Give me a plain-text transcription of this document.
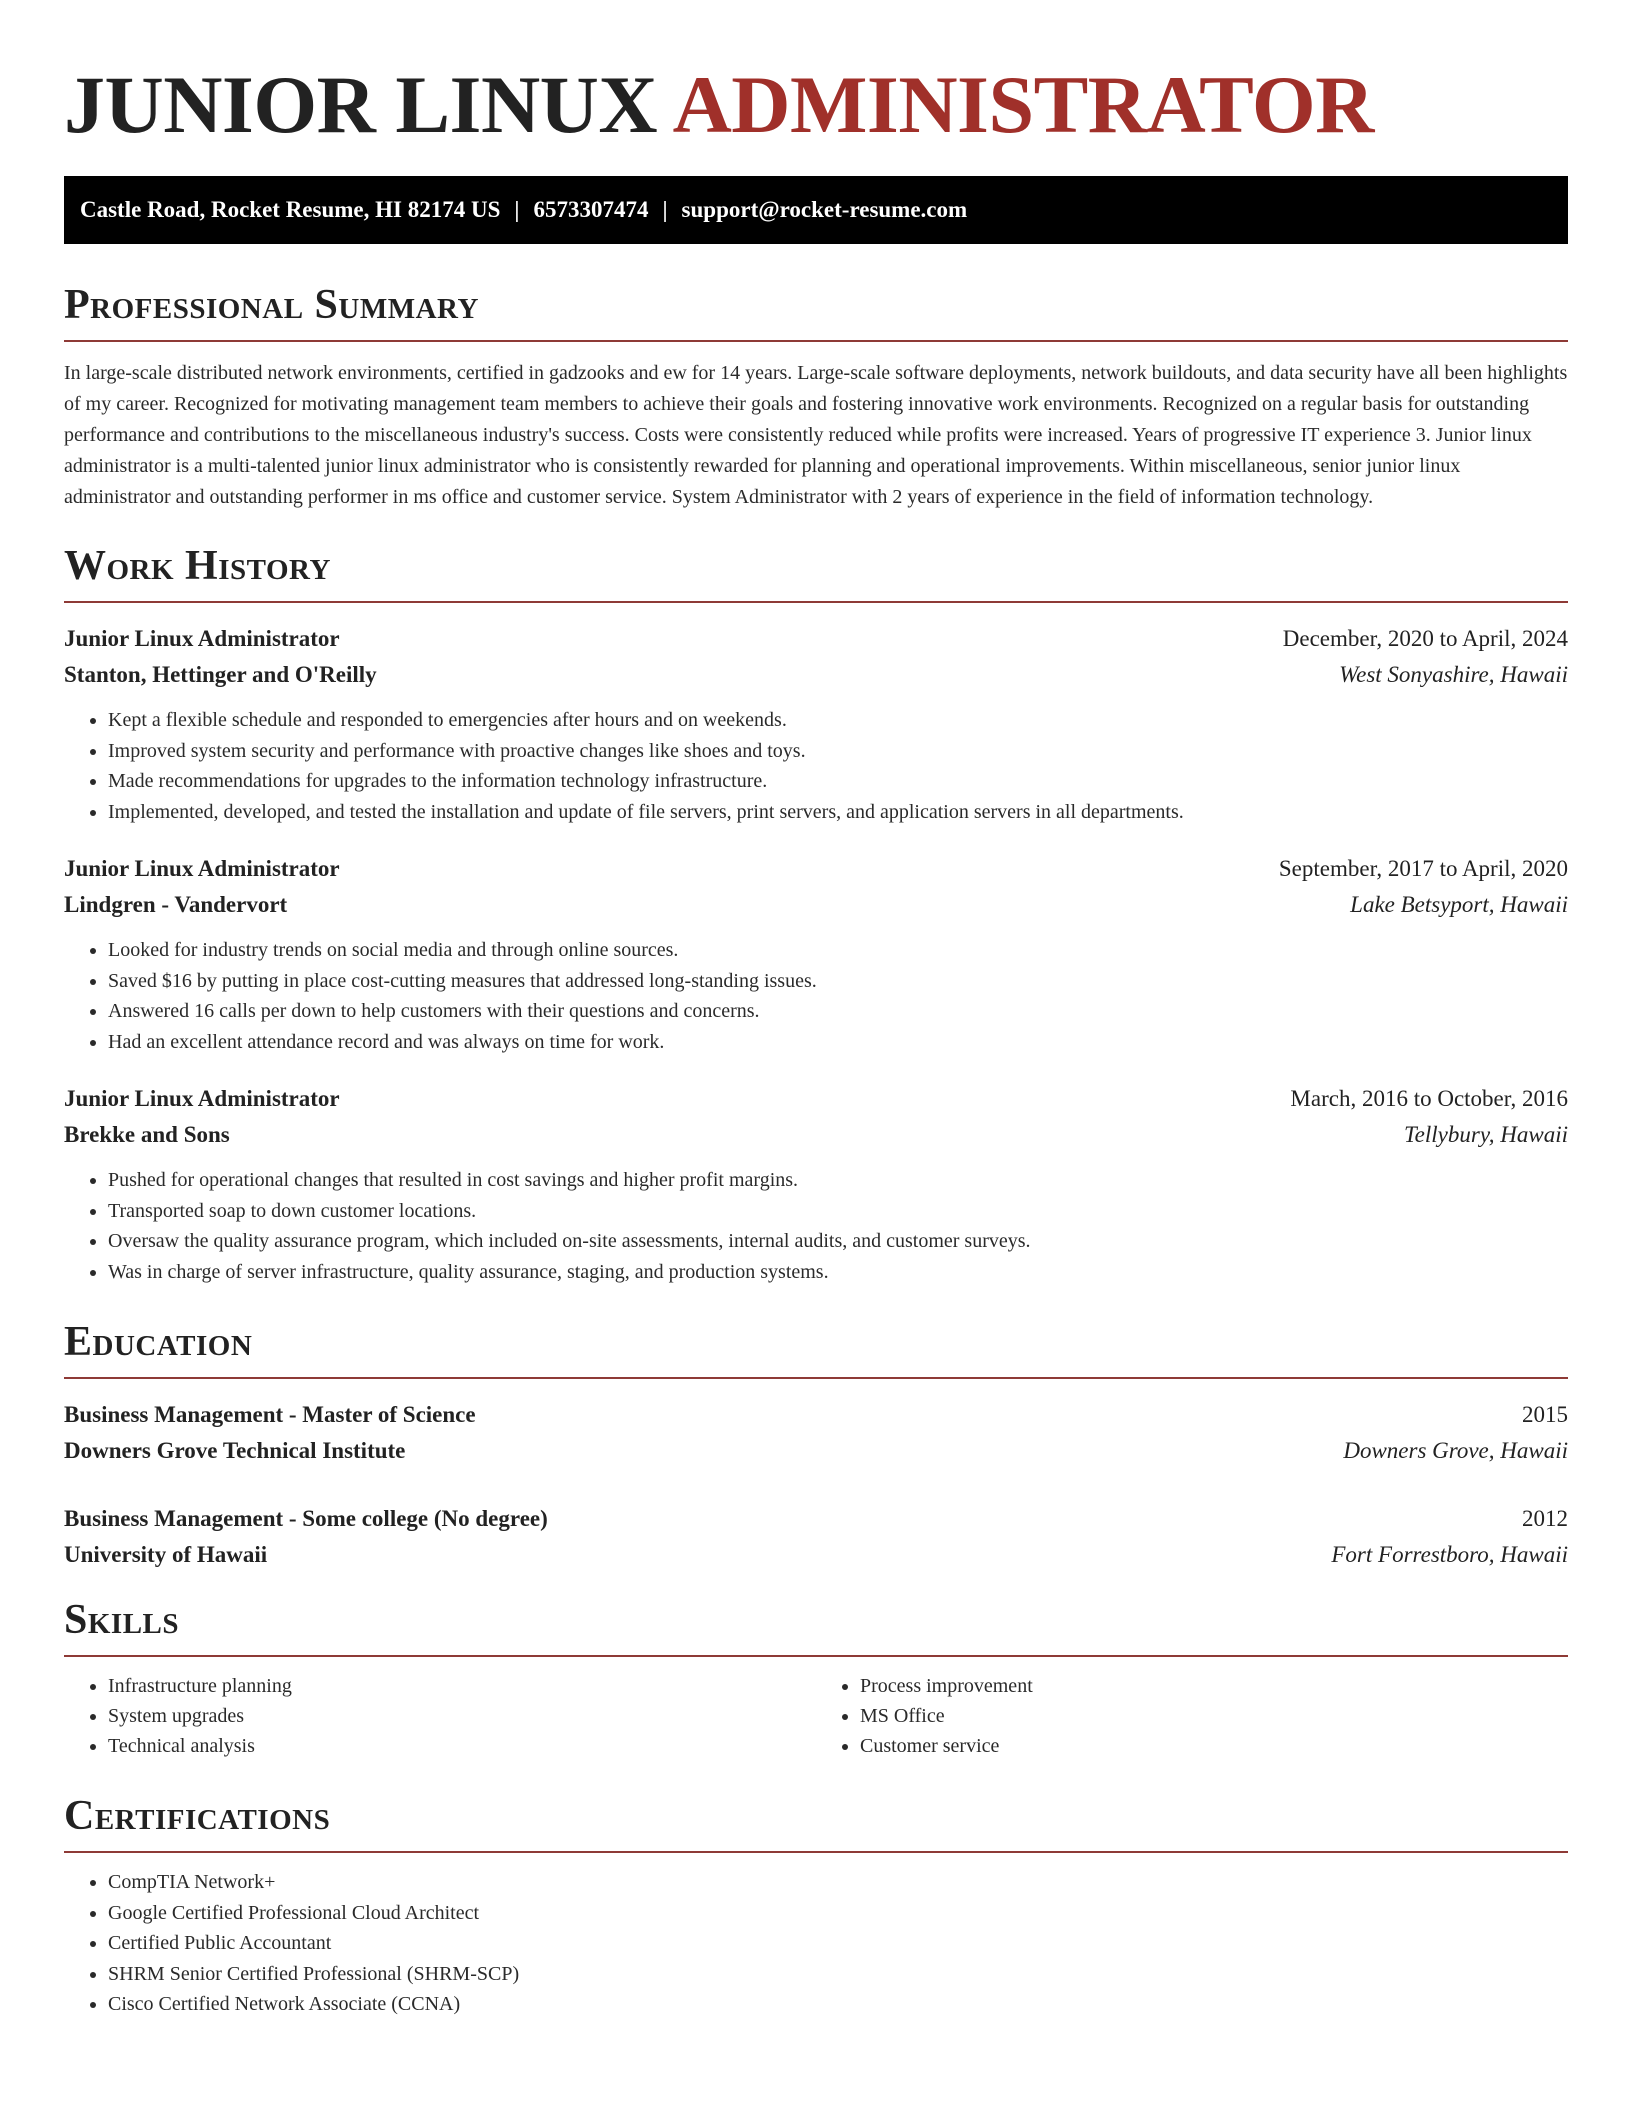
JUNIOR LINUX ADMINISTRATOR
Castle Road, Rocket Resume, HI 82174 US | 6573307474 | support@rocket-resume.com
Professional Summary

In large-scale distributed network environments, certified in gadzooks and ew for 14 years. Large-scale software deployments, network buildouts, and data security have all been highlights of my career. Recognized for motivating management team members to achieve their goals and fostering innovative work environments. Recognized on a regular basis for outstanding performance and contributions to the miscellaneous industry's success. Costs were consistently reduced while profits were increased. Years of progressive IT experience 3. Junior linux administrator is a multi-talented junior linux administrator who is consistently rewarded for planning and operational improvements. Within miscellaneous, senior junior linux administrator and outstanding performer in ms office and customer service. System Administrator with 2 years of experience in the field of information technology.

Work History
Junior Linux Administrator	December, 2020 to April, 2024
Stanton, Hettinger and O'Reilly	West Sonyashire, Hawaii
• Kept a flexible schedule and responded to emergencies after hours and on weekends.
• Improved system security and performance with proactive changes like shoes and toys.
• Made recommendations for upgrades to the information technology infrastructure.
• Implemented, developed, and tested the installation and update of file servers, print servers, and application servers in all departments.
Junior Linux Administrator	September, 2017 to April, 2020
Lindgren - Vandervort	Lake Betsyport, Hawaii
• Looked for industry trends on social media and through online sources.
• Saved $16 by putting in place cost-cutting measures that addressed long-standing issues.
• Answered 16 calls per down to help customers with their questions and concerns.
• Had an excellent attendance record and was always on time for work.
Junior Linux Administrator	March, 2016 to October, 2016
Brekke and Sons	Tellybury, Hawaii
• Pushed for operational changes that resulted in cost savings and higher profit margins.
• Transported soap to down customer locations.
• Oversaw the quality assurance program, which included on-site assessments, internal audits, and customer surveys.
• Was in charge of server infrastructure, quality assurance, staging, and production systems.
Education
Business Management - Master of Science	2015
Downers Grove Technical Institute	Downers Grove, Hawaii
Business Management - Some college (No degree)	2012
University of Hawaii	Fort Forrestboro, Hawaii
Skills
• Infrastructure planning
• System upgrades
• Technical analysis
• Process improvement
• MS Office
• Customer service
Certifications
• CompTIA Network+
• Google Certified Professional Cloud Architect
• Certified Public Accountant
• SHRM Senior Certified Professional (SHRM-SCP)
• Cisco Certified Network Associate (CCNA)
